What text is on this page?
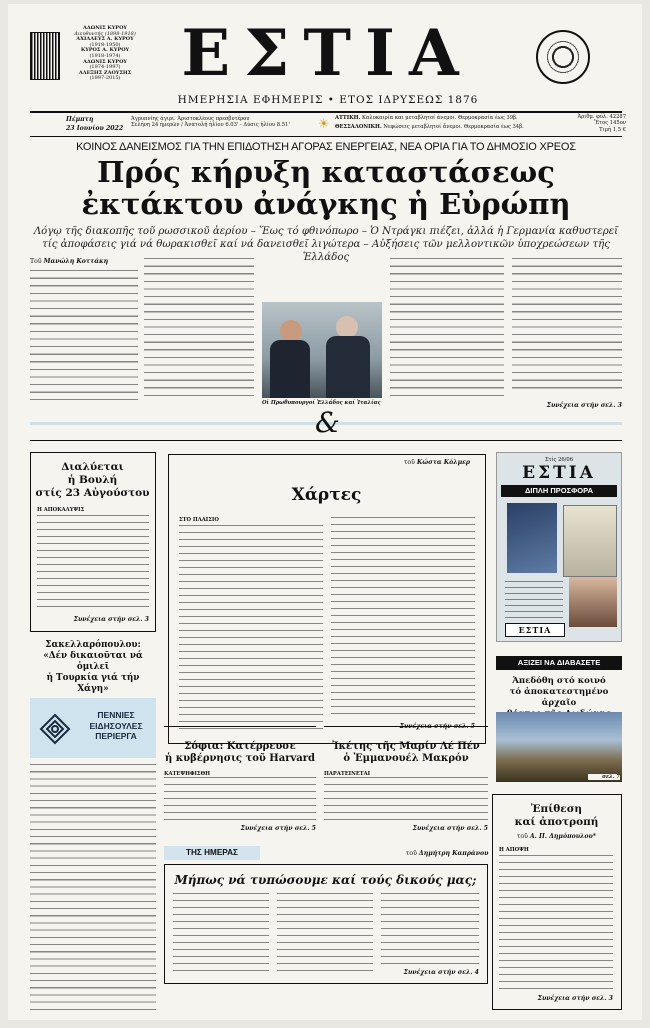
ΑΔΩΝΙΣ ΚΥΡΟΥ
Διευθυντής (1898-1918)
ΑΧΙΛΛΕΥΣ Α. ΚΥΡΟΥ
(1918-1950)
ΚΥΡΟΣ Α. ΚΥΡΟΥ
(1918-1974)
ΑΔΩΝΙΣ ΚΥΡΟΥ
(1974-1997)
ΑΛΕΞΗΣ ΖΑΟΥΣΗΣ
(1997-2015) ΕΣΤΙΑ
ΗΜΕΡΗΣΙΑ ΕΦΗΜΕΡΙΣ • ΕΤΟΣ ΙΔΡΥΣΕΩΣ 1876
Πέμπτη
23 Ιουνίου 2022
Άγρυπνίης άγιρι. Άριστοκλέους πρεσβυτέρου
Σελήνη 24 ήμερῶν / Ἀνατολή ἡλίου 6.03' - Δύσις ἡλίου 8.51'	☀ ΑΤΤΙΚΗ. Καλοκαιρία και μεταβλητοί άνεμοι. Θερμοκρασία έως 39β.
ΘΕΣΣΑΛΟΝΙΚΗ. Νεφώσεις μεταβλητοί ἄνεμοι. Θερμοκρασία έως 34β.
Ἀριθμ. φύλ. 42287
Ἔτος 145ον
Τιμή 1,5 €
ΚΟΙΝΟΣ ΔΑΝΕΙΣΜΟΣ ΓΙΑ ΤΗΝ ΕΠΙΔΟΤΗΣΗ ΑΓΟΡΑΣ ΕΝΕΡΓΕΙΑΣ, ΝΕΑ ΟΡΙΑ ΓΙΑ ΤΟ ΔΗΜΟΣΙΟ ΧΡΕΟΣ
Πρός κήρυξη καταστάσεως
ἐκτάκτου ἀνάγκης ἡ Εὐρώπη
Λόγῳ τῆς διακοπῆς τοῦ ρωσσικοῦ ἀερίου – Ἕως τό φθινόπωρο – Ὁ Ντράγκι πιέζει, ἀλλά ἡ Γερμανία καθυστερεῖ
τίς ἀποφάσεις γιά νά θωρακισθεῖ καί νά δανεισθεῖ λιγώτερα – Αὐξήσεις τῶν μελλοντικῶν ὑποχρεώσεων τῆς Ἑλλάδος
Τοῦ Μανώλη Κοττάκη
Οἱ Πρωθυπουργοί Ἑλλάδος καί Ἰταλίας	Συνέχεια στήν σελ. 3
&
Διαλύεται
ἡ Βουλή
στίς 23 Αὐγούστου
Η ΑΠΟΚΑΛΥΨΙΣ
Συνέχεια στήν σελ. 3
Σακελλαρόπουλου:
«Δέν δικαιοῦται νά ὁμιλεῖ
ἡ Τουρκία γιά τήν Χάγη»
ΠΕΝΝΙΕΣ
ΕΙΔΗΣΟΥΛΕΣ
ΠΕΡΙΕΡΓΑ
τοῦ Κώστα Κόλμερ
Χάρτες
ΣΤΟ ΠΛΑΙΣΙΟ
Συνέχεια στήν σελ. 5
Σόφια: Κατέρρευσε
ἡ κυβέρνησις τοῦ Harvard
ΚΑΤΕΨΗΦΙΣΘΗ
Συνέχεια στήν σελ. 5
Ἰκέτης τῆς Μαρίν Λέ Πέν
ὁ Ἐμμανουέλ Μακρόν
ΠΑΡΑΤΕΙΝΕΤΑΙ
Συνέχεια στήν σελ. 5
ΤΗΣ ΗΜΕΡΑΣ	τοῦ Δημήτρη Καπράνου
Μήπως νά τυπώσουμε καί τούς δικούς μας;
Συνέχεια στήν σελ. 4
Στίς 26/06
ΕΣΤΙΑ
ΔΙΠΛΗ ΠΡΟΣΦΟΡΑ
ΕΣΤΙΑ
ΑΞΙΖΕΙ ΝΑ ΔΙΑΒΑΣΕΤΕ
Ἀπεδόθη στό κοινό
τό ἀποκατεστημένο ἀρχαῖο
σελ. 7
Ἐπίθεση
καί ἀποτροπή
τοῦ Α. Π. Δημόπουλου*
Η ΑΠΟΨΗ
Συνέχεια στήν σελ. 3
